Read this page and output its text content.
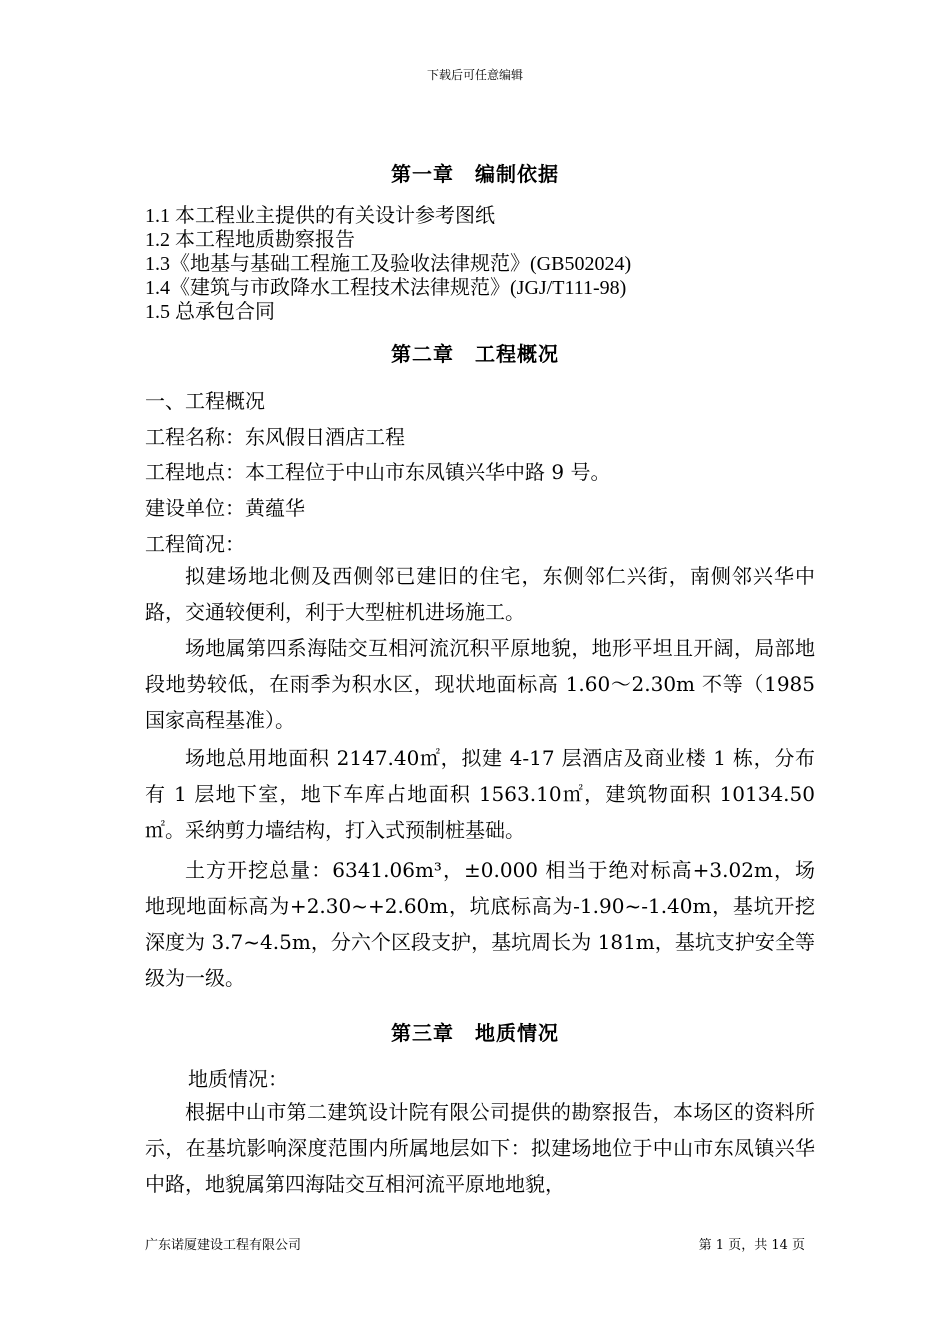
下载后可任意编辑
第一章　编制依据
1.1 本工程业主提供的有关设计参考图纸
1.2 本工程地质勘察报告
1.3《地基与基础工程施工及验收法律规范》(GB502024)
1.4《建筑与市政降水工程技术法律规范》(JGJ/T111-98)
1.5 总承包合同
第二章　工程概况
一、工程概况
工程名称：东风假日酒店工程
工程地点：本工程位于中山市东凤镇兴华中路 9 号。
建设单位：黄蕴华
工程简况：
拟建场地北侧及西侧邻已建旧的住宅，东侧邻仁兴街，南侧邻兴华中路，交通较便利，利于大型桩机进场施工。
场地属第四系海陆交互相河流沉积平原地貌，地形平坦且开阔，局部地段地势较低，在雨季为积水区，现状地面标高 1.60～2.30m 不等（1985 国家高程基准）。
场地总用地面积 2147.40㎡，拟建 4-17 层酒店及商业楼 1 栋，分布有 1 层地下室，地下车库占地面积 1563.10㎡，建筑物面积 10134.50㎡。采纳剪力墙结构，打入式预制桩基础。
土方开挖总量：6341.06m³，±0.000 相当于绝对标高+3.02m，场地现地面标高为+2.30~+2.60m，坑底标高为-1.90~-1.40m，基坑开挖深度为 3.7~4.5m，分六个区段支护，基坑周长为 181m，基坑支护安全等级为一级。
第三章　地质情况
地质情况：
根据中山市第二建筑设计院有限公司提供的勘察报告，本场区的资料所示，在基坑影响深度范围内所属地层如下：拟建场地位于中山市东凤镇兴华中路，地貌属第四海陆交互相河流平原地地貌，
广东诺厦建设工程有限公司	第 1 页，共 14 页
